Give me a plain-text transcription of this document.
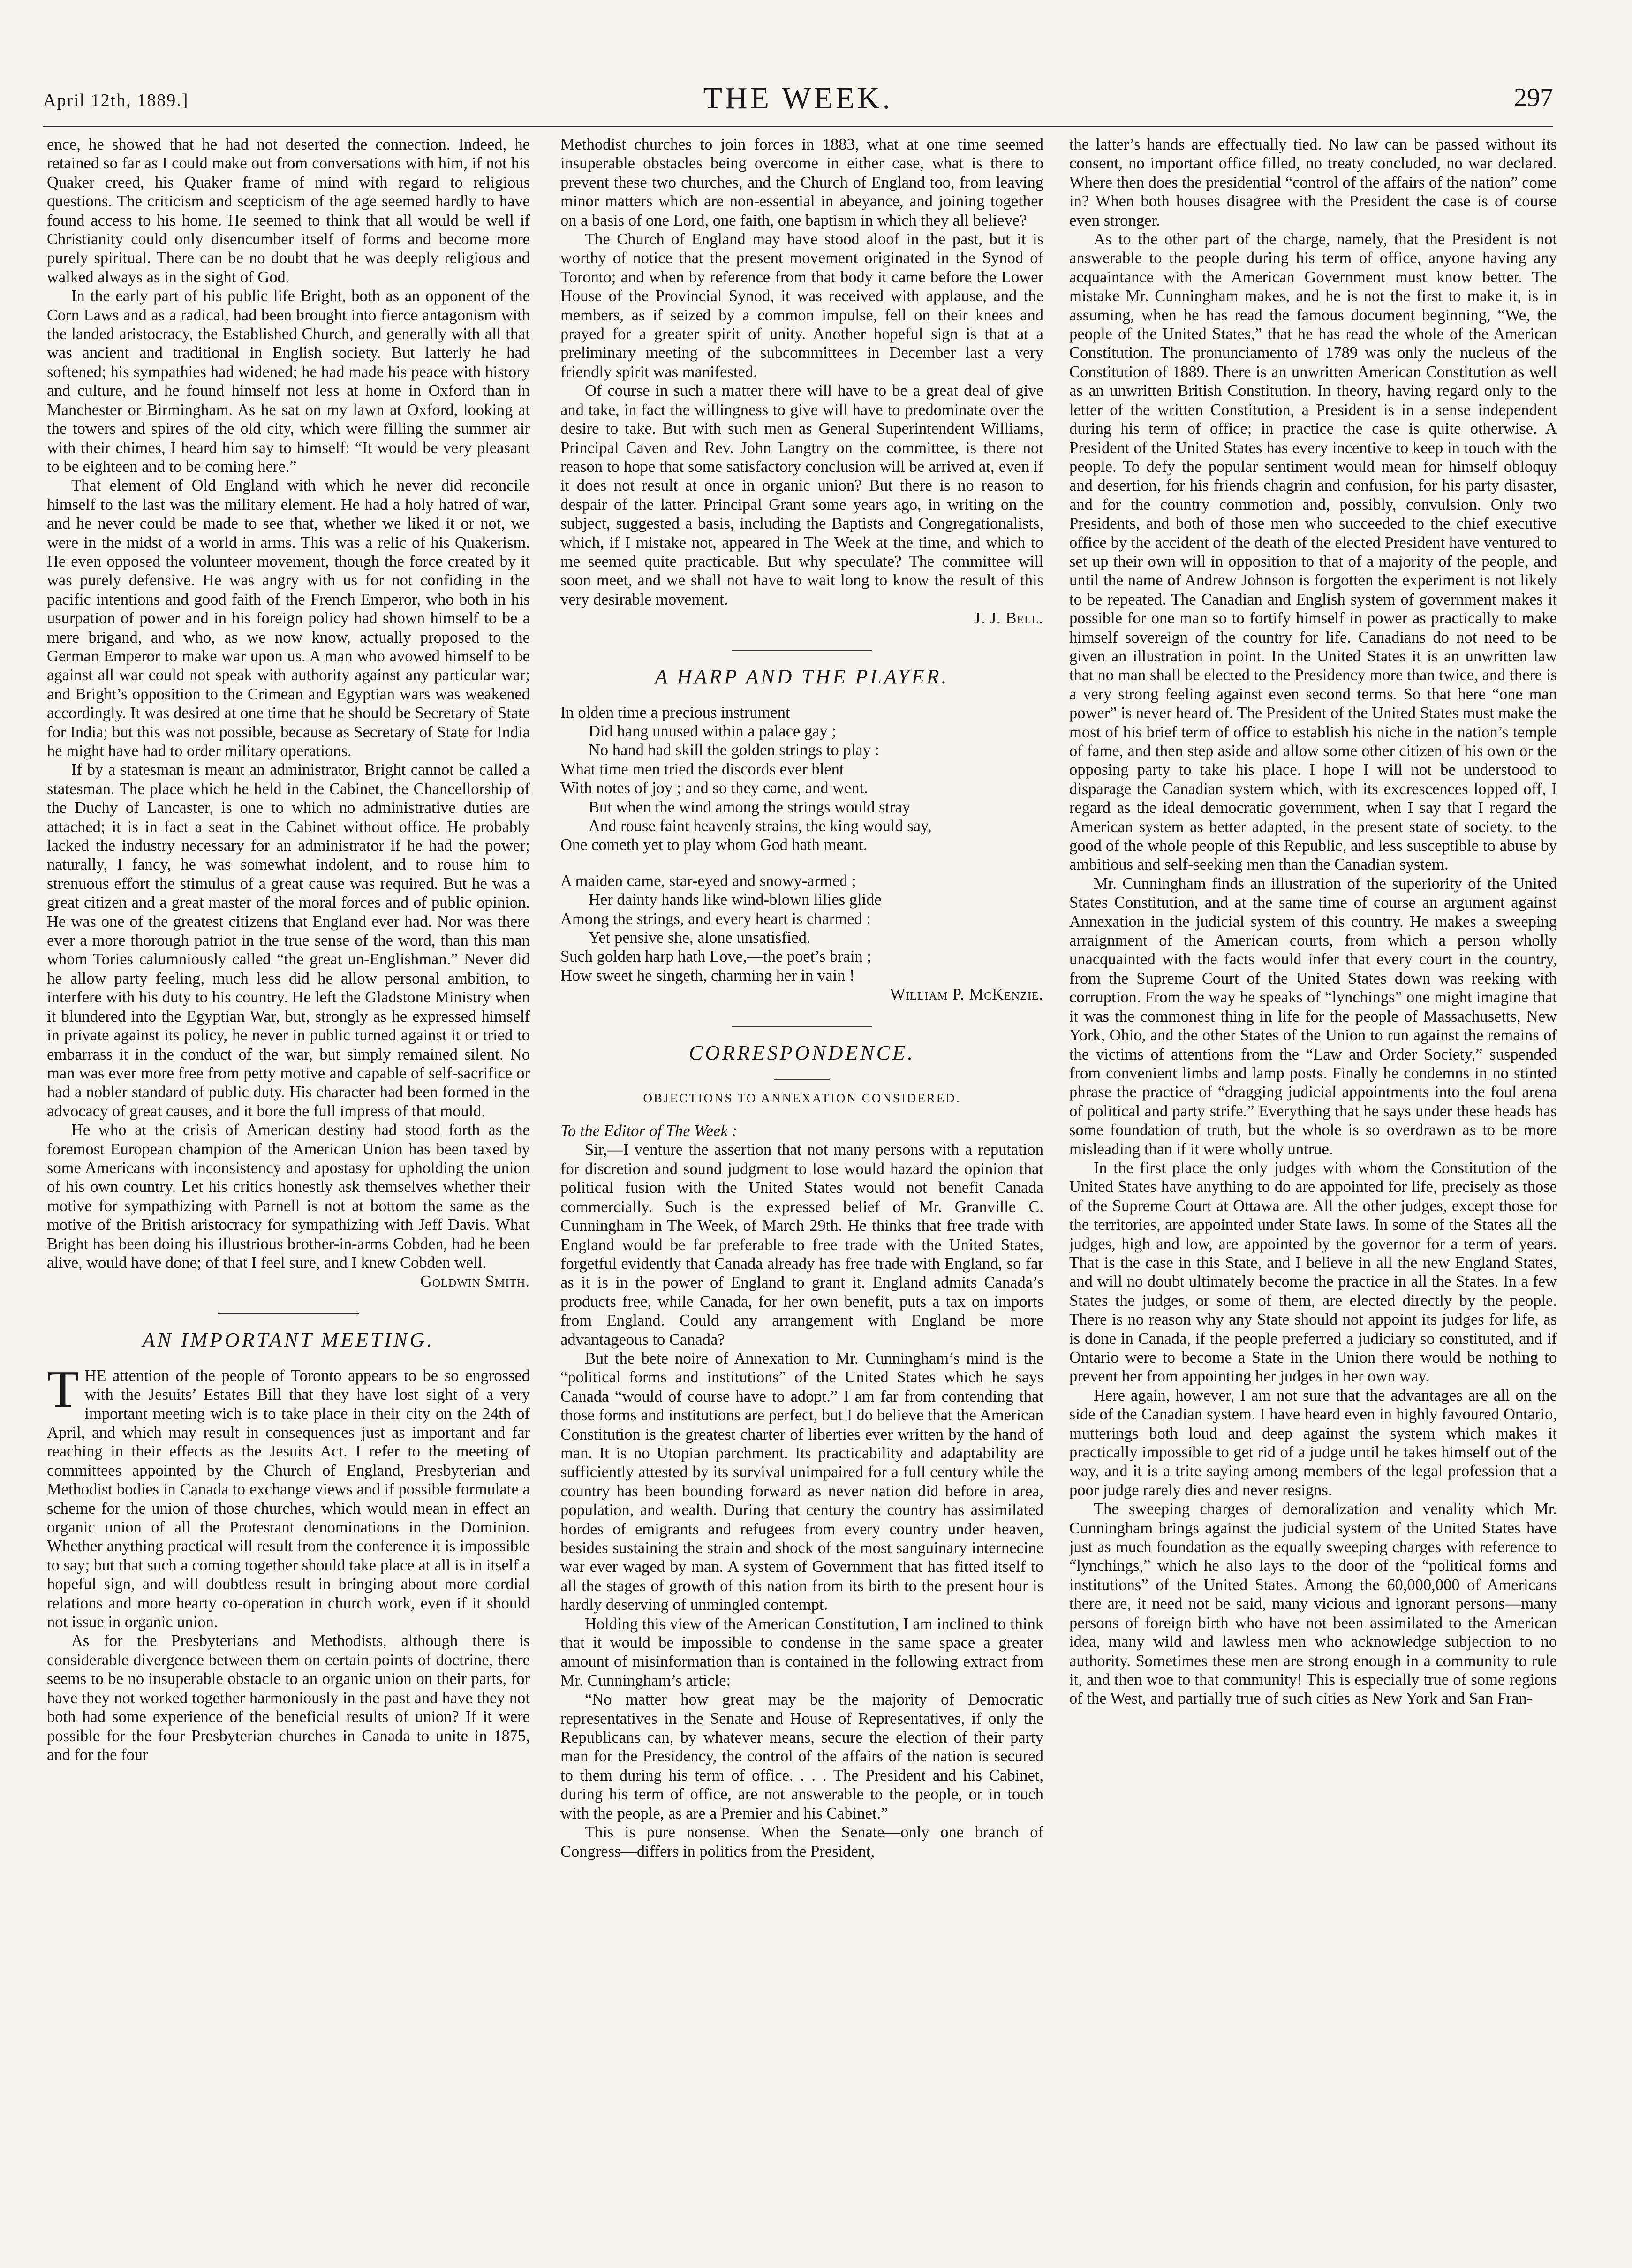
April 12th, 1889.]	THE WEEK.	297

ence, he showed that he had not deserted the connection. Indeed, he retained so far as I could make out from conversations with him, if not his Quaker creed, his Quaker frame of mind with regard to religious questions. The criticism and scepticism of the age seemed hardly to have found access to his home. He seemed to think that all would be well if Christianity could only disencumber itself of forms and become more purely spiritual. There can be no doubt that he was deeply religious and walked always as in the sight of God.

In the early part of his public life Bright, both as an opponent of the Corn Laws and as a radical, had been brought into fierce antagonism with the landed aristocracy, the Established Church, and generally with all that was ancient and traditional in English society. But latterly he had softened; his sympathies had widened; he had made his peace with history and culture, and he found himself not less at home in Oxford than in Manchester or Birmingham. As he sat on my lawn at Oxford, looking at the towers and spires of the old city, which were filling the summer air with their chimes, I heard him say to himself: “It would be very pleasant to be eighteen and to be coming here.”

That element of Old England with which he never did reconcile himself to the last was the military element. He had a holy hatred of war, and he never could be made to see that, whether we liked it or not, we were in the midst of a world in arms. This was a relic of his Quakerism. He even opposed the volunteer movement, though the force created by it was purely defensive. He was angry with us for not confiding in the pacific intentions and good faith of the French Emperor, who both in his usurpation of power and in his foreign policy had shown himself to be a mere brigand, and who, as we now know, actually proposed to the German Emperor to make war upon us. A man who avowed himself to be against all war could not speak with authority against any particular war; and Bright’s opposition to the Crimean and Egyptian wars was weakened accordingly. It was desired at one time that he should be Secretary of State for India; but this was not possible, because as Secretary of State for India he might have had to order military operations.

If by a statesman is meant an administrator, Bright cannot be called a statesman. The place which he held in the Cabinet, the Chancellorship of the Duchy of Lancaster, is one to which no administrative duties are attached; it is in fact a seat in the Cabinet without office. He probably lacked the industry necessary for an administrator if he had the power; naturally, I fancy, he was somewhat indolent, and to rouse him to strenuous effort the stimulus of a great cause was required. But he was a great citizen and a great master of the moral forces and of public opinion. He was one of the greatest citizens that England ever had. Nor was there ever a more thorough patriot in the true sense of the word, than this man whom Tories calumniously called “the great un-Englishman.” Never did he allow party feeling, much less did he allow personal ambition, to interfere with his duty to his country. He left the Gladstone Ministry when it blundered into the Egyptian War, but, strongly as he expressed himself in private against its policy, he never in public turned against it or tried to embarrass it in the conduct of the war, but simply remained silent. No man was ever more free from petty motive and capable of self-sacrifice or had a nobler standard of public duty. His character had been formed in the advocacy of great causes, and it bore the full impress of that mould.

He who at the crisis of American destiny had stood forth as the foremost European champion of the American Union has been taxed by some Americans with inconsistency and apostasy for upholding the union of his own country. Let his critics honestly ask themselves whether their motive for sympathizing with Parnell is not at bottom the same as the motive of the British aristocracy for sympathizing with Jeff Davis. What Bright has been doing his illustrious brother-in-arms Cobden, had he been alive, would have done; of that I feel sure, and I knew Cobden well.

Goldwin Smith.

AN IMPORTANT MEETING.

THE attention of the people of Toronto appears to be so engrossed with the Jesuits’ Estates Bill that they have lost sight of a very important meeting wich is to take place in their city on the 24th of April, and which may result in consequences just as important and far reaching in their effects as the Jesuits Act. I refer to the meeting of committees appointed by the Church of England, Presbyterian and Methodist bodies in Canada to exchange views and if possible formulate a scheme for the union of those churches, which would mean in effect an organic union of all the Protestant denominations in the Dominion. Whether anything practical will result from the conference it is impossible to say; but that such a coming together should take place at all is in itself a hopeful sign, and will doubtless result in bringing about more cordial relations and more hearty co-operation in church work, even if it should not issue in organic union.

As for the Presbyterians and Methodists, although there is considerable divergence between them on certain points of doctrine, there seems to be no insuperable obstacle to an organic union on their parts, for have they not worked together harmoniously in the past and have they not both had some experience of the beneficial results of union? If it were possible for the four Presbyterian churches in Canada to unite in 1875, and for the four

Methodist churches to join forces in 1883, what at one time seemed insuperable obstacles being overcome in either case, what is there to prevent these two churches, and the Church of England too, from leaving minor matters which are non-essential in abeyance, and joining together on a basis of one Lord, one faith, one baptism in which they all believe?

The Church of England may have stood aloof in the past, but it is worthy of notice that the present movement originated in the Synod of Toronto; and when by reference from that body it came before the Lower House of the Provincial Synod, it was received with applause, and the members, as if seized by a common impulse, fell on their knees and prayed for a greater spirit of unity. Another hopeful sign is that at a preliminary meeting of the subcommittees in December last a very friendly spirit was manifested.

Of course in such a matter there will have to be a great deal of give and take, in fact the willingness to give will have to predominate over the desire to take. But with such men as General Superintendent Williams, Principal Caven and Rev. John Langtry on the committee, is there not reason to hope that some satisfactory conclusion will be arrived at, even if it does not result at once in organic union? But there is no reason to despair of the latter. Principal Grant some years ago, in writing on the subject, suggested a basis, including the Baptists and Congregationalists, which, if I mistake not, appeared in The Week at the time, and which to me seemed quite practicable. But why speculate? The committee will soon meet, and we shall not have to wait long to know the result of this very desirable movement.

J. J. Bell.

A HARP AND THE PLAYER.
In olden time a precious instrument
Did hang unused within a palace gay ;
No hand had skill the golden strings to play :
What time men tried the discords ever blent
With notes of joy ; and so they came, and went.
But when the wind among the strings would stray
And rouse faint heavenly strains, the king would say,
One cometh yet to play whom God hath meant.
A maiden came, star-eyed and snowy-armed ;
Her dainty hands like wind-blown lilies glide
Among the strings, and every heart is charmed :
Yet pensive she, alone unsatisfied.
Such golden harp hath Love,—the poet’s brain ;
How sweet he singeth, charming her in vain !

William P. McKenzie.

CORRESPONDENCE.
OBJECTIONS TO ANNEXATION CONSIDERED.

To the Editor of The Week :

Sir,—I venture the assertion that not many persons with a reputation for discretion and sound judgment to lose would hazard the opinion that political fusion with the United States would not benefit Canada commercially. Such is the expressed belief of Mr. Granville C. Cunningham in The Week, of March 29th. He thinks that free trade with England would be far preferable to free trade with the United States, forgetful evidently that Canada already has free trade with England, so far as it is in the power of England to grant it. England admits Canada’s products free, while Canada, for her own benefit, puts a tax on imports from England. Could any arrangement with England be more advantageous to Canada?

But the bete noire of Annexation to Mr. Cunningham’s mind is the “political forms and institutions” of the United States which he says Canada “would of course have to adopt.” I am far from contending that those forms and institutions are perfect, but I do believe that the American Constitution is the greatest charter of liberties ever written by the hand of man. It is no Utopian parchment. Its practicability and adaptability are sufficiently attested by its survival unimpaired for a full century while the country has been bounding forward as never nation did before in area, population, and wealth. During that century the country has assimilated hordes of emigrants and refugees from every country under heaven, besides sustaining the strain and shock of the most sanguinary internecine war ever waged by man. A system of Government that has fitted itself to all the stages of growth of this nation from its birth to the present hour is hardly deserving of unmingled contempt.

Holding this view of the American Constitution, I am inclined to think that it would be impossible to condense in the same space a greater amount of misinformation than is contained in the following extract from Mr. Cunningham’s article:

“No matter how great may be the majority of Democratic representatives in the Senate and House of Representatives, if only the Republicans can, by whatever means, secure the election of their party man for the Presidency, the control of the affairs of the nation is secured to them during his term of office. . . . The President and his Cabinet, during his term of office, are not answerable to the people, or in touch with the people, as are a Premier and his Cabinet.”

This is pure nonsense. When the Senate—only one branch of Congress—differs in politics from the President,

the latter’s hands are effectually tied. No law can be passed without its consent, no important office filled, no treaty concluded, no war declared. Where then does the presidential “control of the affairs of the nation” come in? When both houses disagree with the President the case is of course even stronger.

As to the other part of the charge, namely, that the President is not answerable to the people during his term of office, anyone having any acquaintance with the American Government must know better. The mistake Mr. Cunningham makes, and he is not the first to make it, is in assuming, when he has read the famous document beginning, “We, the people of the United States,” that he has read the whole of the American Constitution. The pronunciamento of 1789 was only the nucleus of the Constitution of 1889. There is an unwritten American Constitution as well as an unwritten British Constitution. In theory, having regard only to the letter of the written Constitution, a President is in a sense independent during his term of office; in practice the case is quite otherwise. A President of the United States has every incentive to keep in touch with the people. To defy the popular sentiment would mean for himself obloquy and desertion, for his friends chagrin and confusion, for his party disaster, and for the country commotion and, possibly, convulsion. Only two Presidents, and both of those men who succeeded to the chief executive office by the accident of the death of the elected President have ventured to set up their own will in opposition to that of a majority of the people, and until the name of Andrew Johnson is forgotten the experiment is not likely to be repeated. The Canadian and English system of government makes it possible for one man so to fortify himself in power as practically to make himself sovereign of the country for life. Canadians do not need to be given an illustration in point. In the United States it is an unwritten law that no man shall be elected to the Presidency more than twice, and there is a very strong feeling against even second terms. So that here “one man power” is never heard of. The President of the United States must make the most of his brief term of office to establish his niche in the nation’s temple of fame, and then step aside and allow some other citizen of his own or the opposing party to take his place. I hope I will not be understood to disparage the Canadian system which, with its excrescences lopped off, I regard as the ideal democratic government, when I say that I regard the American system as better adapted, in the present state of society, to the good of the whole people of this Republic, and less susceptible to abuse by ambitious and self-seeking men than the Canadian system.

Mr. Cunningham finds an illustration of the superiority of the United States Constitution, and at the same time of course an argument against Annexation in the judicial system of this country. He makes a sweeping arraignment of the American courts, from which a person wholly unacquainted with the facts would infer that every court in the country, from the Supreme Court of the United States down was reeking with corruption. From the way he speaks of “lynchings” one might imagine that it was the commonest thing in life for the people of Massachusetts, New York, Ohio, and the other States of the Union to run against the remains of the victims of attentions from the “Law and Order Society,” suspended from convenient limbs and lamp posts. Finally he condemns in no stinted phrase the practice of “dragging judicial appointments into the foul arena of political and party strife.” Everything that he says under these heads has some foundation of truth, but the whole is so overdrawn as to be more misleading than if it were wholly untrue.

In the first place the only judges with whom the Constitution of the United States have anything to do are appointed for life, precisely as those of the Supreme Court at Ottawa are. All the other judges, except those for the territories, are appointed under State laws. In some of the States all the judges, high and low, are appointed by the governor for a term of years. That is the case in this State, and I believe in all the new England States, and will no doubt ultimately become the practice in all the States. In a few States the judges, or some of them, are elected directly by the people. There is no reason why any State should not appoint its judges for life, as is done in Canada, if the people preferred a judiciary so constituted, and if Ontario were to become a State in the Union there would be nothing to prevent her from appointing her judges in her own way.

Here again, however, I am not sure that the advantages are all on the side of the Canadian system. I have heard even in highly favoured Ontario, mutterings both loud and deep against the system which makes it practically impossible to get rid of a judge until he takes himself out of the way, and it is a trite saying among members of the legal profession that a poor judge rarely dies and never resigns.

The sweeping charges of demoralization and venality which Mr. Cunningham brings against the judicial system of the United States have just as much foundation as the equally sweeping charges with reference to “lynchings,” which he also lays to the door of the “political forms and institutions” of the United States. Among the 60,000,000 of Americans there are, it need not be said, many vicious and ignorant persons—many persons of foreign birth who have not been assimilated to the American idea, many wild and lawless men who acknowledge subjection to no authority. Sometimes these men are strong enough in a community to rule it, and then woe to that community! This is especially true of some regions of the West, and partially true of such cities as New York and San Fran-
